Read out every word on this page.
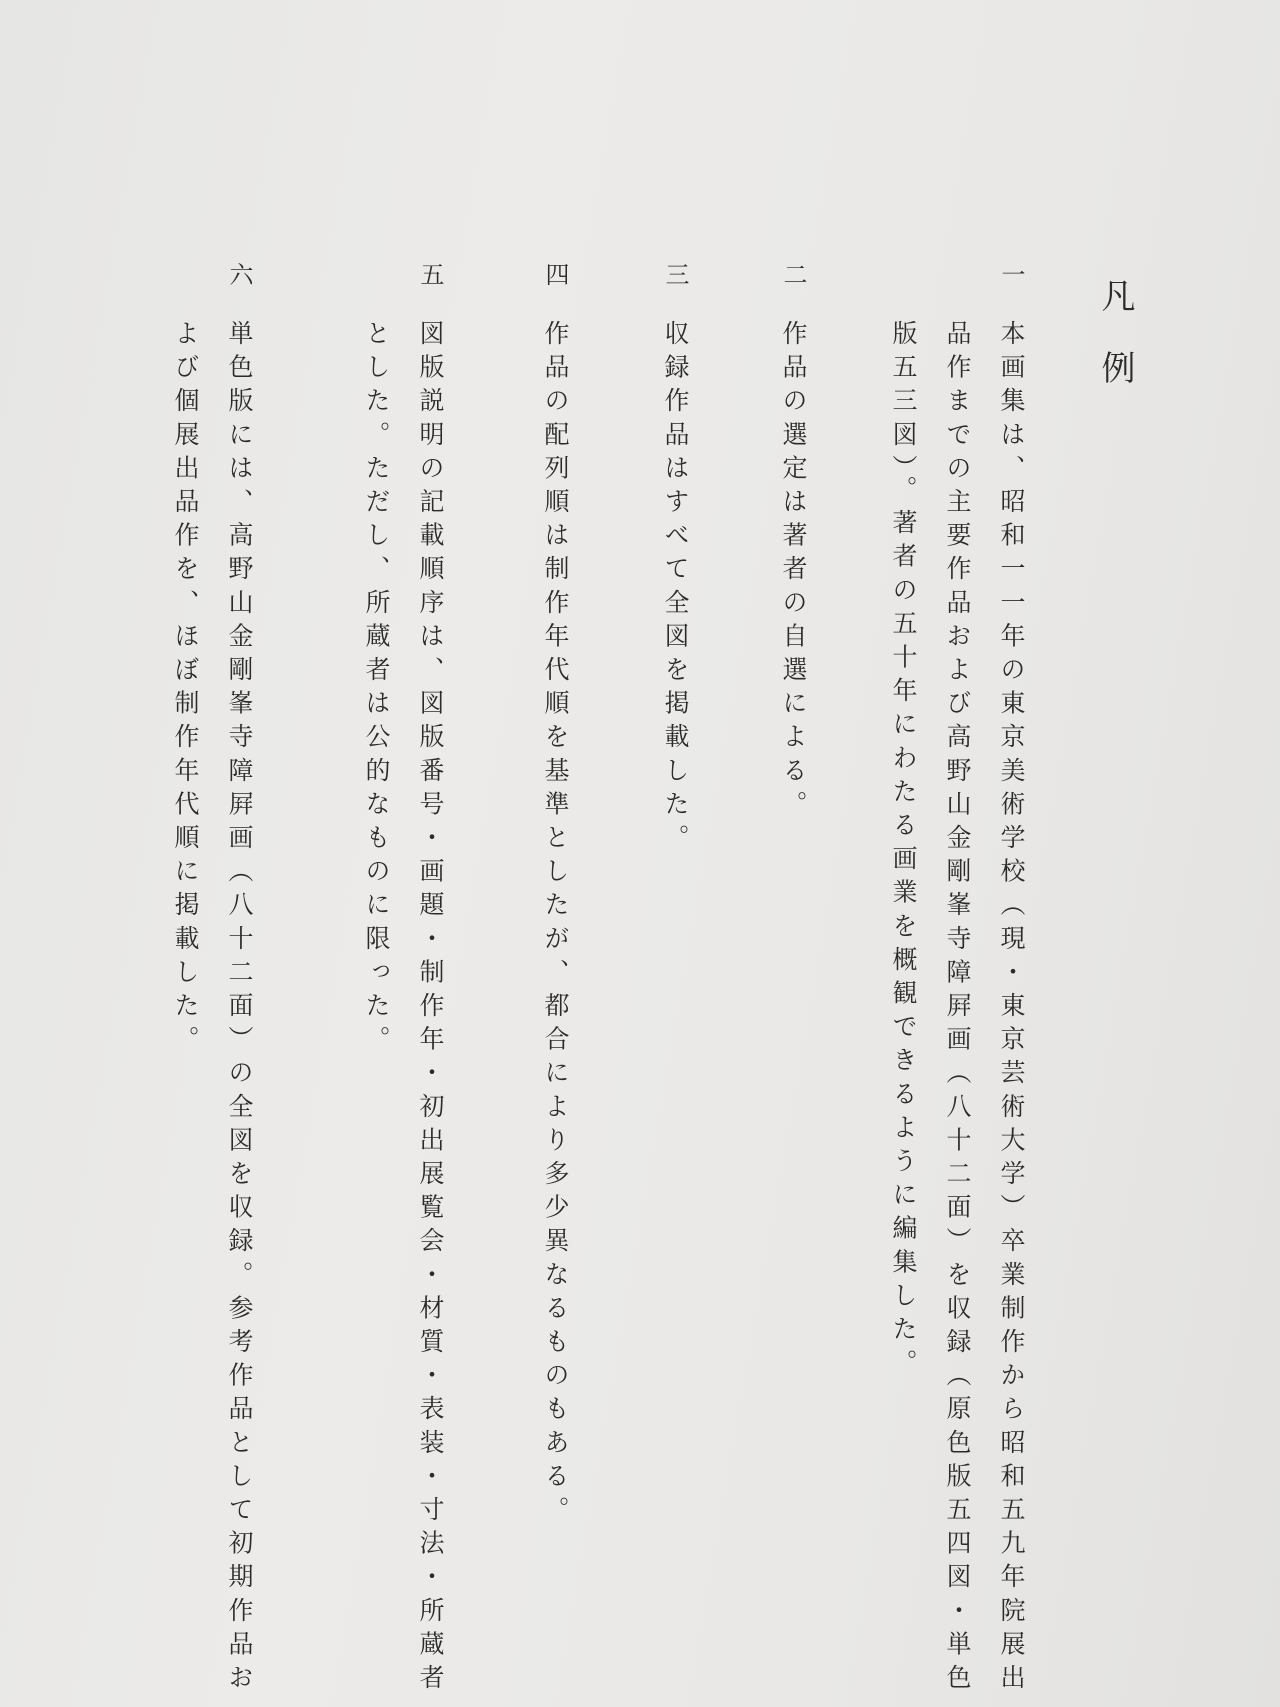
凡例
一
本画集は、昭和一一年の東京美術学校（現・東京芸術大学）卒業制作から昭和五九年院展出
品作までの主要作品および高野山金剛峯寺障屛画（八十二面）を収録（原色版五四図・単色
版五三図）。著者の五十年にわたる画業を概観できるように編集した。
二
作品の選定は著者の自選による。
三
収録作品はすべて全図を掲載した。
四
作品の配列順は制作年代順を基準としたが、都合により多少異なるものもある。
五
図版説明の記載順序は、図版番号・画題・制作年・初出展覧会・材質・表装・寸法・所蔵者
とした。ただし、所蔵者は公的なものに限った。
六
単色版には、高野山金剛峯寺障屛画（八十二面）の全図を収録。参考作品として初期作品お
よび個展出品作を、ほぼ制作年代順に掲載した。
